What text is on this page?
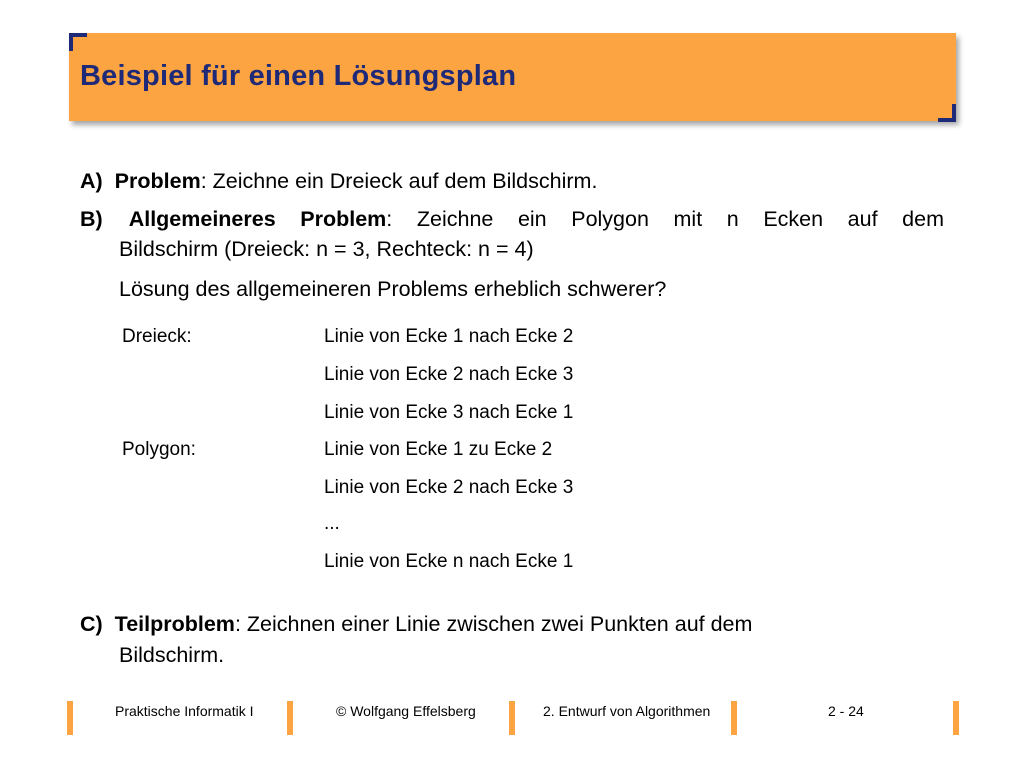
Beispiel für einen Lösungsplan
A) Problem: Zeichne ein Dreieck auf dem Bildschirm.
B) Allgemeineres Problem: Zeichne ein Polygon mit n Ecken auf dem
Bildschirm (Dreieck: n = 3, Rechteck: n = 4)
Lösung des allgemeineren Problems erheblich schwerer?
Dreieck:	Linie von Ecke 1 nach Ecke 2
Linie von Ecke 2 nach Ecke 3
Linie von Ecke 3 nach Ecke 1
Polygon:	Linie von Ecke 1 zu Ecke 2
Linie von Ecke 2 nach Ecke 3
...
Linie von Ecke n nach Ecke 1
C) Teilproblem: Zeichnen einer Linie zwischen zwei Punkten auf dem
Bildschirm.
Praktische Informatik I	© Wolfgang Effelsberg	2. Entwurf von Algorithmen	2 - 24
